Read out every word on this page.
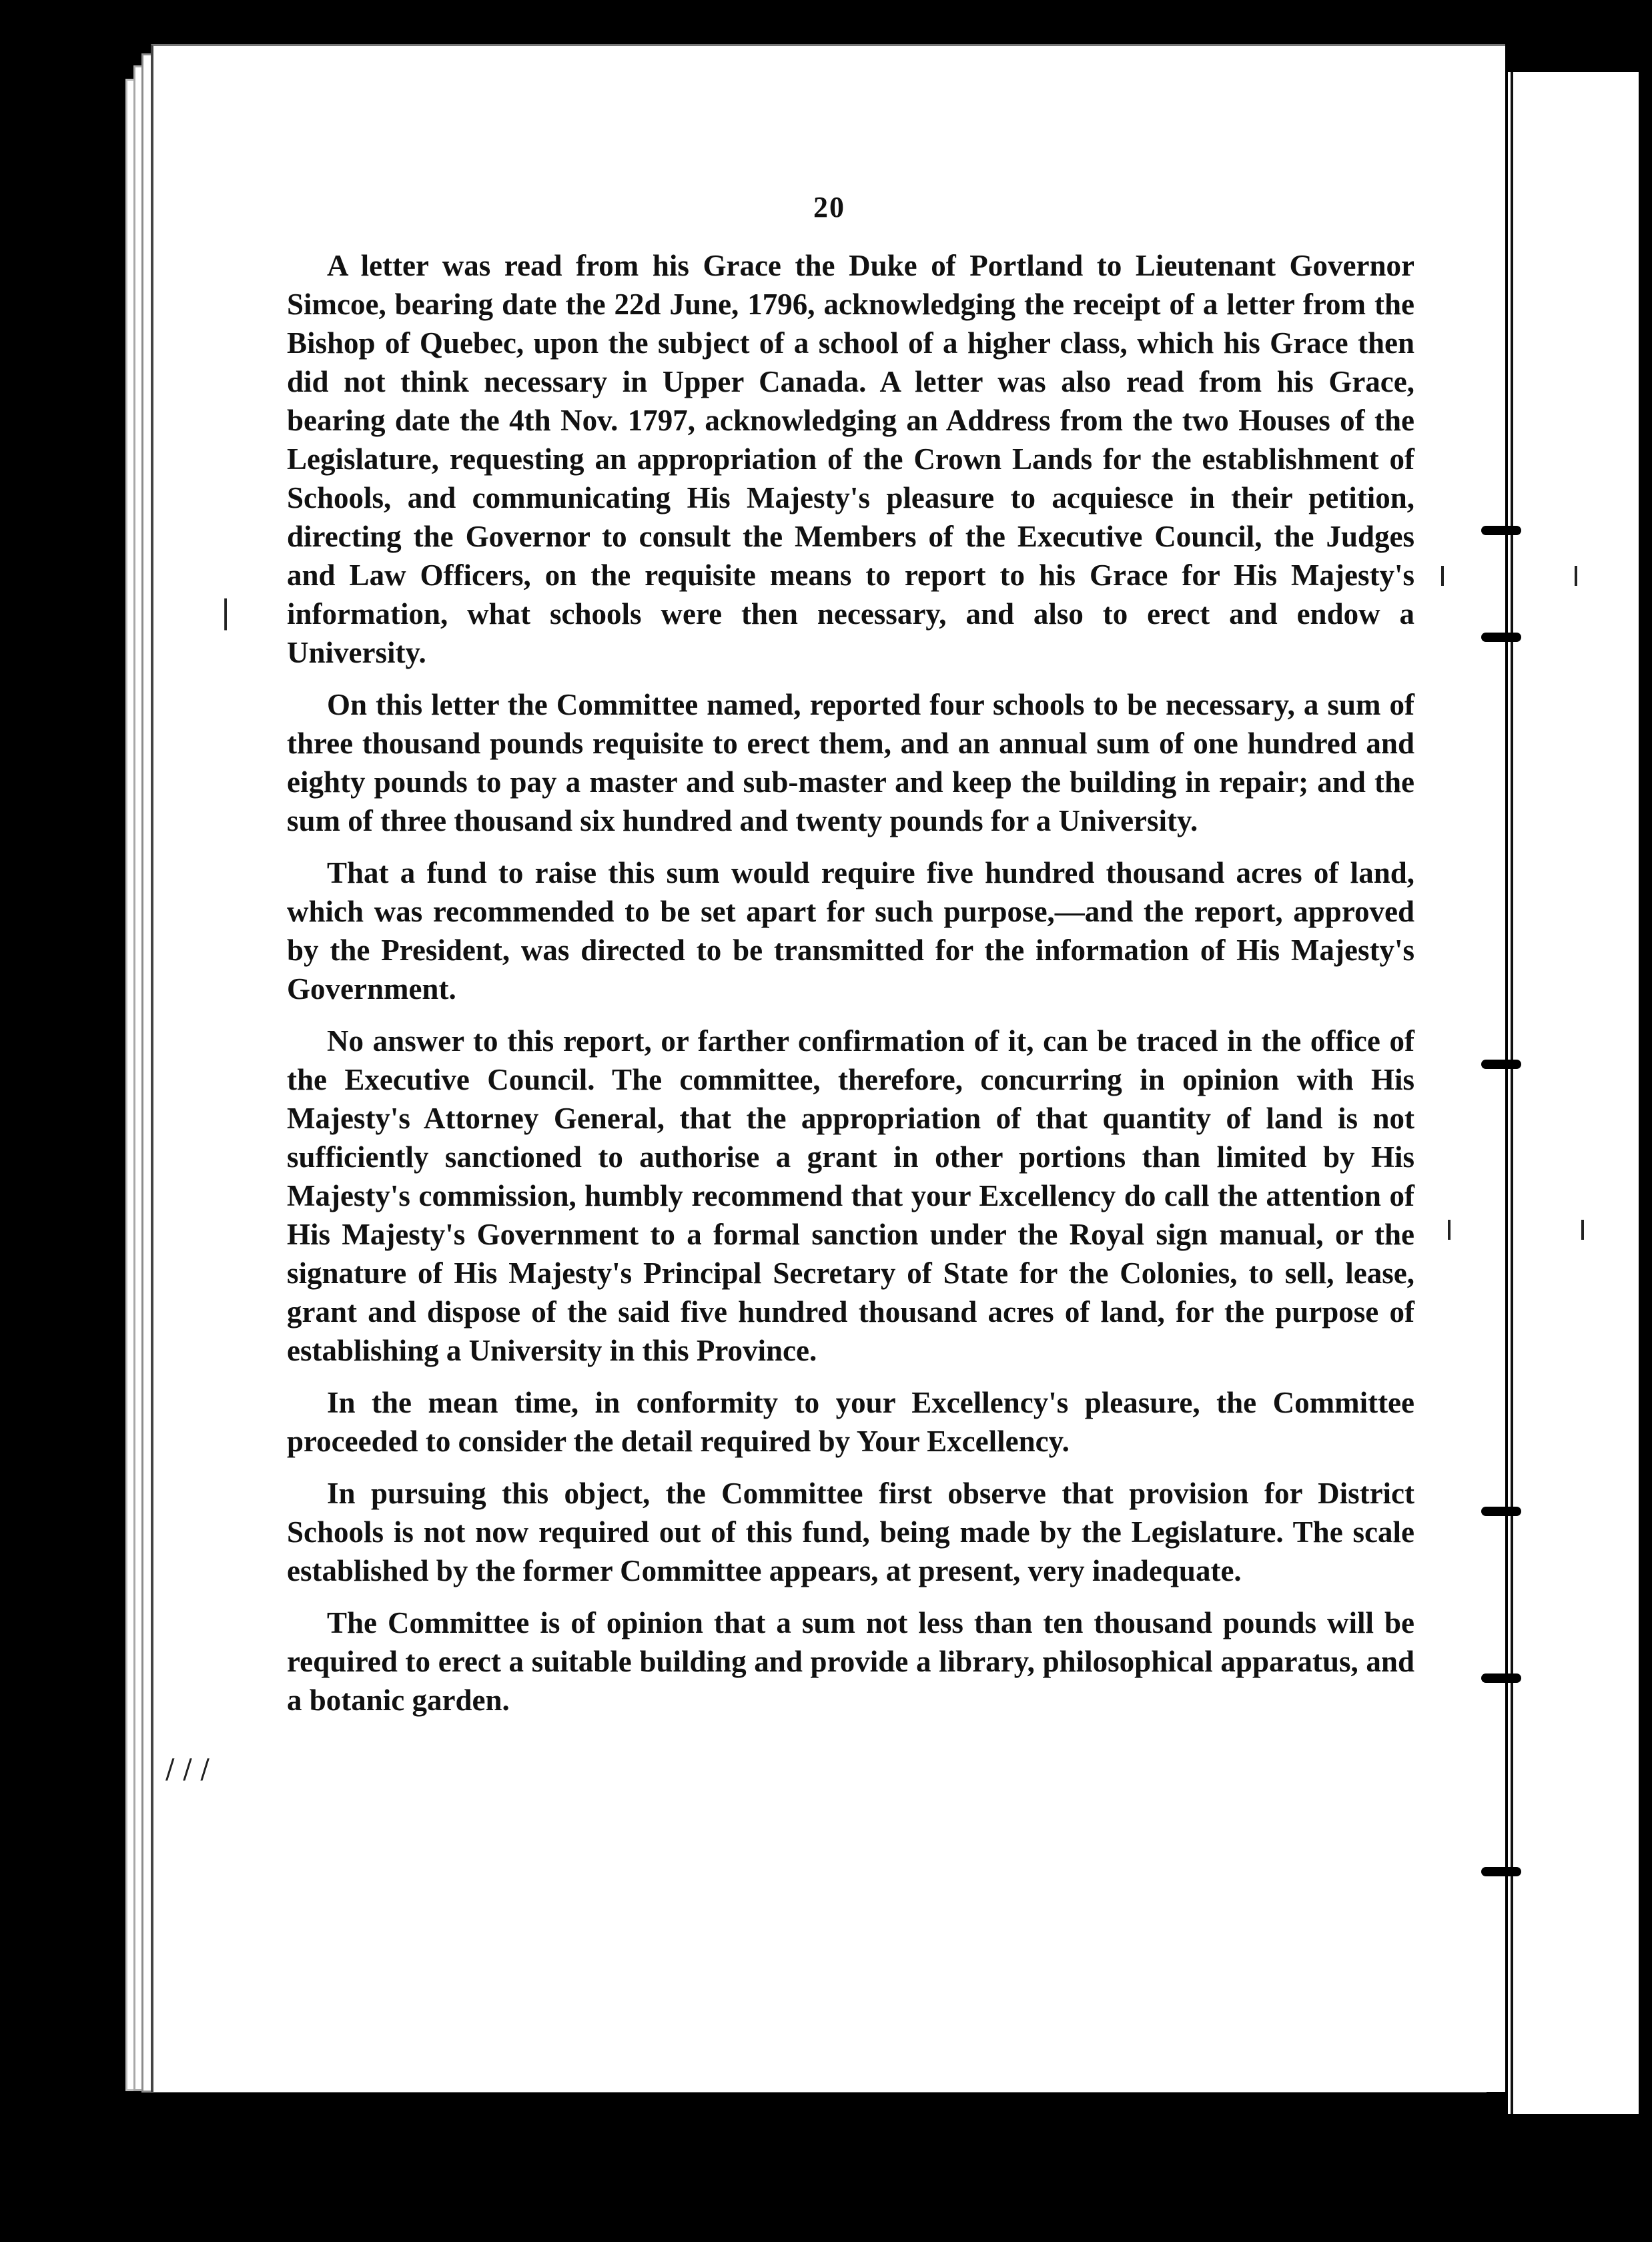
20
|
/ / /

A letter was read from his Grace the Duke of Portland to Lieutenant Governor Simcoe, bearing date the 22d June, 1796, acknowledging the receipt of a letter from the Bishop of Quebec, upon the subject of a school of a higher class, which his Grace then did not think necessary in Upper Canada. A letter was also read from his Grace, bearing date the 4th Nov. 1797, acknowledging an Address from the two Houses of the Legislature, requesting an appropriation of the Crown Lands for the establishment of Schools, and communicating His Majesty's pleasure to acquiesce in their petition, directing the Governor to consult the Members of the Executive Council, the Judges and Law Officers, on the requisite means to report to his Grace for His Majesty's information, what schools were then necessary, and also to erect and endow a University.

On this letter the Committee named, reported four schools to be necessary, a sum of three thousand pounds requisite to erect them, and an annual sum of one hundred and eighty pounds to pay a master and sub-master and keep the building in repair; and the sum of three thousand six hundred and twenty pounds for a University.

That a fund to raise this sum would require five hundred thousand acres of land, which was recommended to be set apart for such purpose,—and the report, approved by the President, was directed to be transmitted for the information of His Majesty's Government.

No answer to this report, or farther confirmation of it, can be traced in the office of the Executive Council. The committee, therefore, concurring in opinion with His Majesty's Attorney General, that the appropriation of that quantity of land is not sufficiently sanctioned to authorise a grant in other portions than limited by His Majesty's commission, humbly recommend that your Excellency do call the attention of His Majesty's Government to a formal sanction under the Royal sign manual, or the signature of His Majesty's Principal Secretary of State for the Colonies, to sell, lease, grant and dispose of the said five hundred thousand acres of land, for the purpose of establishing a University in this Province.

In the mean time, in conformity to your Excellency's pleasure, the Committee proceeded to consider the detail required by Your Excellency.

In pursuing this object, the Committee first observe that provision for District Schools is not now required out of this fund, being made by the Legislature. The scale established by the former Committee appears, at present, very inadequate.

The Committee is of opinion that a sum not less than ten thousand pounds will be required to erect a suitable building and provide a library, philosophical apparatus, and a botanic garden.
